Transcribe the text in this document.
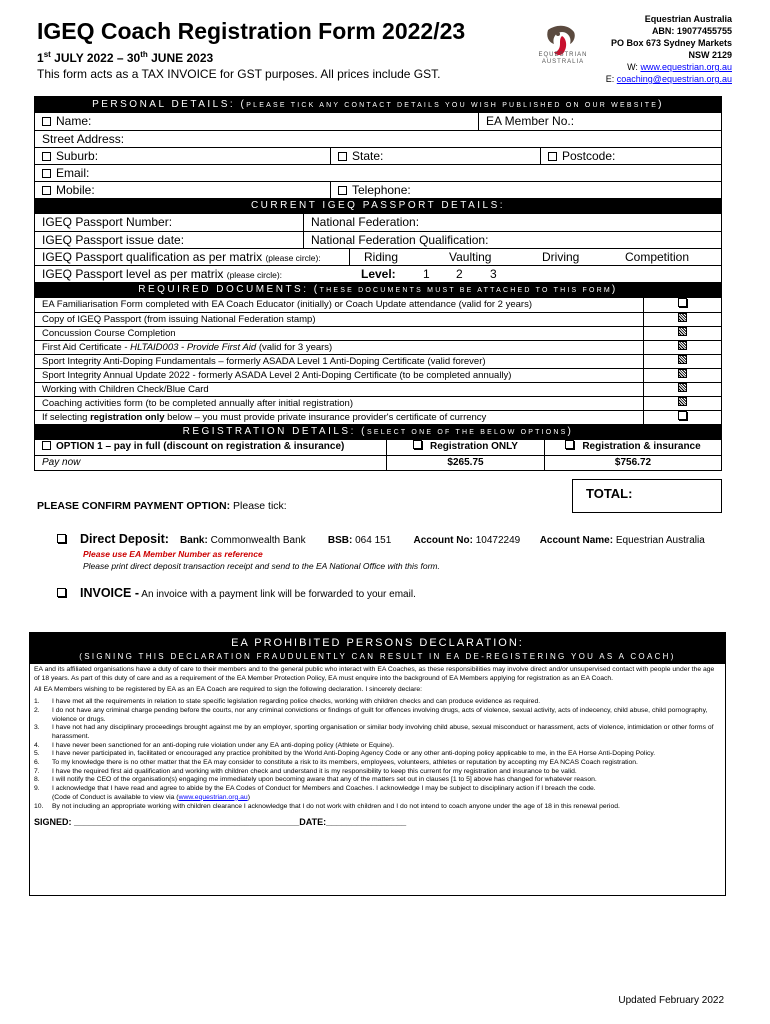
IGEQ Coach Registration Form 2022/23
1st JULY 2022 – 30th JUNE 2023
This form acts as a TAX INVOICE for GST purposes. All prices include GST.
EQUESTRIAN AUSTRALIA
Equestrian Australia
ABN: 19077455755
PO Box 673 Sydney Markets
NSW 2129
W: www.equestrian.org.au
E: coaching@equestrian.org.au
PERSONAL DETAILS: (PLEASE TICK ANY CONTACT DETAILS YOU WISH PUBLISHED ON OUR WEBSITE)
Name:	EA Member No.:
Street Address:
Suburb:	State:	Postcode:
Email:
Mobile:	Telephone:
CURRENT IGEQ PASSPORT DETAILS:
IGEQ Passport Number:	National Federation:
IGEQ Passport issue date:	National Federation Qualification:
IGEQ Passport qualification as per matrix (please circle):	Riding	Vaulting	Driving	Competition
IGEQ Passport level as per matrix (please circle):	Level: 1 2 3
REQUIRED DOCUMENTS: (THESE DOCUMENTS MUST BE ATTACHED TO THIS FORM)
EA Familiarisation Form completed with EA Coach Educator (initially) or Coach Update attendance (valid for 2 years)
Copy of IGEQ Passport (from issuing National Federation stamp)
Concussion Course Completion
First Aid Certificate - HLTAID003 - Provide First Aid (valid for 3 years)
Sport Integrity Anti-Doping Fundamentals – formerly ASADA Level 1 Anti-Doping Certificate (valid forever)
Sport Integrity Annual Update 2022 - formerly ASADA Level 2 Anti-Doping Certificate (to be completed annually)
Working with Children Check/Blue Card
Coaching activities form (to be completed annually after initial registration)
If selecting registration only below – you must provide private insurance provider's certificate of currency
REGISTRATION DETAILS: (SELECT ONE OF THE BELOW OPTIONS)
OPTION 1 – pay in full (discount on registration & insurance)	Registration ONLY	Registration & insurance
Pay now	$265.75	$756.72
TOTAL:
PLEASE CONFIRM PAYMENT OPTION: Please tick:
Direct Deposit: Bank: Commonwealth Bank BSB: 064 151 Account No: 10472249 Account Name: Equestrian Australia
Please use EA Member Number as reference
Please print direct deposit transaction receipt and send to the EA National Office with this form.
INVOICE - An invoice with a payment link will be forwarded to your email.
EA PROHIBITED PERSONS DECLARATION:
(SIGNING THIS DECLARATION FRAUDULENTLY CAN RESULT IN EA DE-REGISTERING YOU AS A COACH)

EA and its affiliated organisations have a duty of care to their members and to the general public who interact with EA Coaches, as these responsibilities may involve direct and/or unsupervised contact with people under the age of 18 years. As part of this duty of care and as a requirement of the EA Member Protection Policy, EA must enquire into the background of EA Members applying for registration as an EA Coach.

All EA Members wishing to be registered by EA as an EA Coach are required to sign the following declaration. I sincerely declare:

1.	I have met all the requirements in relation to state specific legislation regarding police checks, working with children checks and can produce evidence as required.
2.	I do not have any criminal charge pending before the courts, nor any criminal convictions or findings of guilt for offences involving drugs, acts of violence, sexual activity, acts of indecency, child abuse, child pornography, violence or drugs.
3.	I have not had any disciplinary proceedings brought against me by an employer, sporting organisation or similar body involving child abuse, sexual misconduct or harassment, acts of violence, intimidation or other forms of harassment.
4.	I have never been sanctioned for an anti-doping rule violation under any EA anti-doping policy (Athlete or Equine).
5.	I have never participated in, facilitated or encouraged any practice prohibited by the World Anti-Doping Agency Code or any other anti-doping policy applicable to me, in the EA Horse Anti-Doping Policy.
6.	To my knowledge there is no other matter that the EA may consider to constitute a risk to its members, employees, volunteers, athletes or reputation by accepting my EA NCAS Coach registration.
7.	I have the required first aid qualification and working with children check and understand it is my responsibility to keep this current for my registration and insurance to be valid.
8.	I will notify the CEO of the organisation(s) engaging me immediately upon becoming aware that any of the matters set out in clauses [1 to 5] above has changed for whatever reason.
9.	I acknowledge that I have read and agree to abide by the EA Codes of Conduct for Members and Coaches. I acknowledge I may be subject to disciplinary action if I breach the code.
(Code of Conduct is available to view via (www.equestrian.org.au)
10.	By not including an appropriate working with children clearance I acknowledge that I do not work with children and I do not intend to coach anyone under the age of 18 in this renewal period.
SIGNED: _____________________________________________DATE:________________
Updated February 2022
